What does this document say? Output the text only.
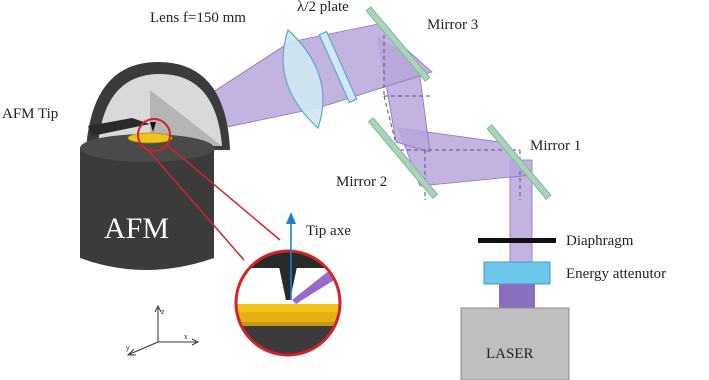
AFM
LASER
z
x
y
Lens f=150 mm
λ/2 plate
Mirror 3
Mirror 2
Mirror 1
AFM Tip
Tip axe
Diaphragm
Energy attenutor
